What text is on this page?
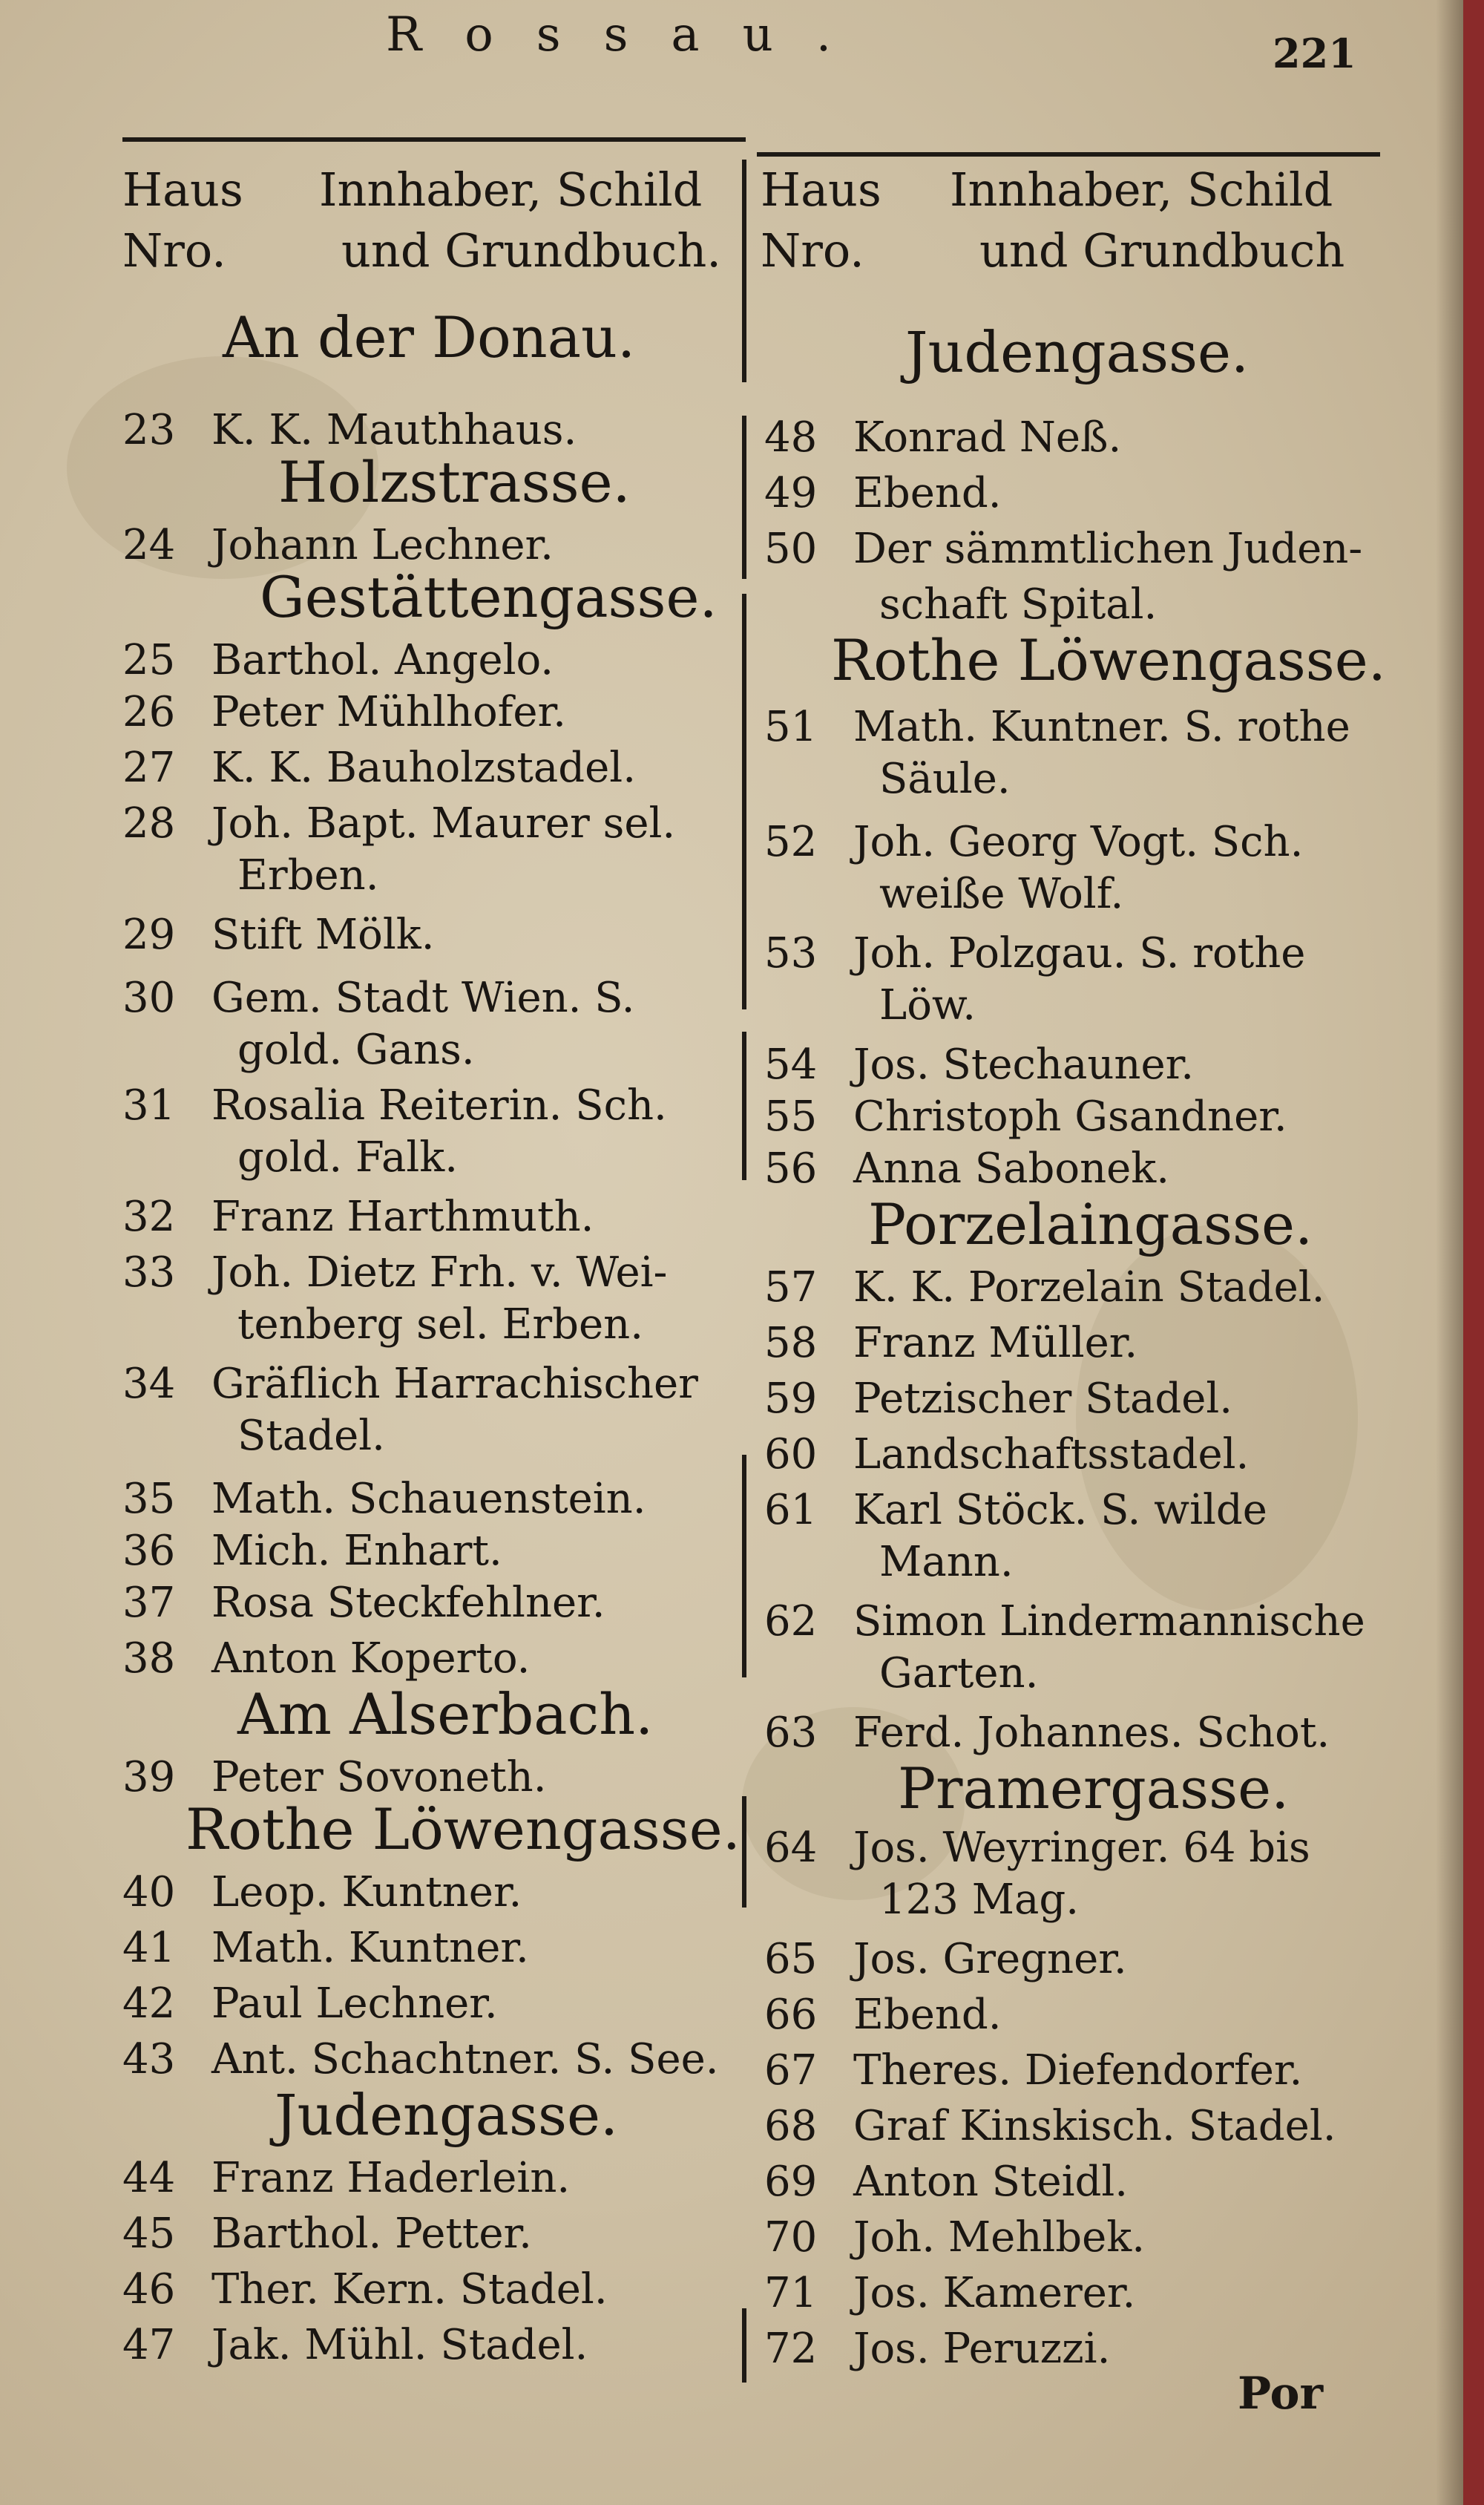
Rossau.	221
Haus
Nro.
Innhaber, Schild
und Grundbuch.
Haus
Nro.
Innhaber, Schild
und Grundbuch
An der Donau.
23 K. K. Mauthhaus.
Holzstrasse.
24 Johann Lechner.
Gestättengasse.
25 Barthol. Angelo.
26 Peter Mühlhofer.
27 K. K. Bauholzstadel.
28 Joh. Bapt. Maurer sel.
Erben.
29 Stift Mölk.
30 Gem. Stadt Wien. S.
gold. Gans.
31 Rosalia Reiterin. Sch.
gold. Falk.
32 Franz Harthmuth.
33 Joh. Dietz Frh. v. Wei-
tenberg sel. Erben.
34 Gräflich Harrachischer
Stadel.
35 Math. Schauenstein.
36 Mich. Enhart.
37 Rosa Steckfehlner.
38 Anton Koperto.
Am Alserbach.
39 Peter Sovoneth.
Rothe Löwengasse.
40 Leop. Kuntner.
41 Math. Kuntner.
42 Paul Lechner.
43 Ant. Schachtner. S. See.
Judengasse.
44 Franz Haderlein.
45 Barthol. Petter.
46 Ther. Kern. Stadel.
47 Jak. Mühl. Stadel.
Judengasse.
48 Konrad Neß.
49 Ebend.
50 Der sämmtlichen Juden-
schaft Spital.
Rothe Löwengasse.
51 Math. Kuntner. S. rothe
Säule.
52 Joh. Georg Vogt. Sch.
weiße Wolf.
53 Joh. Polzgau. S. rothe
Löw.
54 Jos. Stechauner.
55 Christoph Gsandner.
56 Anna Sabonek.
Porzelaingasse.
57 K. K. Porzelain Stadel.
58 Franz Müller.
59 Petzischer Stadel.
60 Landschaftsstadel.
61 Karl Stöck. S. wilde
Mann.
62 Simon Lindermannische
Garten.
63 Ferd. Johannes. Schot.
Pramergasse.
64 Jos. Weyringer. 64 bis
123 Mag.
65 Jos. Gregner.
66 Ebend.
67 Theres. Diefendorfer.
68 Graf Kinskisch. Stadel.
69 Anton Steidl.
70 Joh. Mehlbek.
71 Jos. Kamerer.
72 Jos. Peruzzi.
Por
